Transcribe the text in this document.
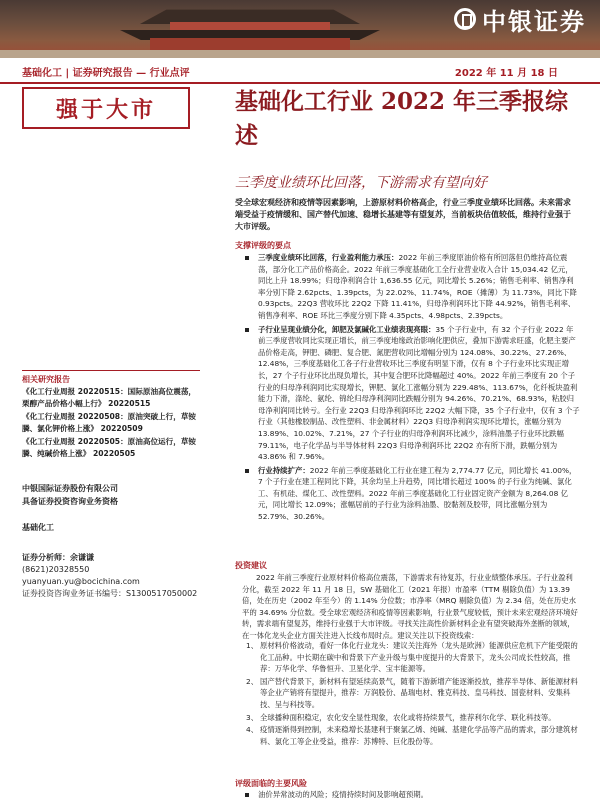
中银证券
基础化工 | 证券研究报告 — 行业点评	2022 年 11 月 18 日
强于大市	基础化工行业 2022 年三季报综述
三季度业绩环比回落，下游需求有望向好
受全球宏观经济和疫情等因素影响，上游原材料价格高企，行业三季度业绩环比回落。未来需求端受益于疫情缓和、国产替代加速、稳增长基建等有望复苏，当前板块估值较低，维持行业强于大市评级。
支撑评级的要点
三季度业绩环比回落，行业盈利能力承压：2022 年前三季度原油价格有所回落但仍维持高位震荡，部分化工产品价格高企。2022 年前三季度基础化工全行业营业收入合计 15,034.42 亿元，同比上升 18.99%；归母净利润合计 1,636.55 亿元，同比增长 5.26%；销售毛利率、销售净利率分别下降 2.62pcts、1.39pcts，为 22.02%、11.74%，ROE（摊薄）为 11.73%，同比下降 0.93pcts。22Q3 营收环比 22Q2 下降 11.41%，归母净利润环比下降 44.92%，销售毛利率、销售净利率、ROE 环比三季度分别下降 4.35pcts、4.98pcts、2.39pcts。
子行业呈现业绩分化，卸肥及氯碱化工业绩表现亮眼：35 个子行业中，有 32 个子行业 2022 年前三季度营收同比实现正增长，前三季度地缘政治影响化肥供应，叠加下游需求旺盛，化肥主要产品价格走高，钾肥、磷肥、复合肥、氮肥营收同比增幅分别为 124.08%、30.22%、27.26%、12.48%，三季度基础化工各子行业营收环比三季度有明显下滑，仅有 8 个子行业环比实现正增长，27 个子行业环比出现负增长，其中复合肥环比降幅超过 40%。2022 年前三季度有 20 个子行业的归母净利润同比实现增长，钾肥、氯化工涨幅分别为 229.48%、113.67%，化纤板块盈利能力下滑，涤纶、氨纶、锦纶归母净利润同比跌幅分别为 94.26%、70.21%、68.93%，粘胶归母净利润同比转亏。全行业 22Q3 归母净利润环比 22Q2 大幅下降，35 个子行业中，仅有 3 个子行业（其他橡胶制品、改性塑料、非金属材料）22Q3 归母净利润实现环比增长，涨幅分别为 13.89%、10.02%、7.21%，27 个子行业的归母净利润环比减少，涂料油墨子行业环比跌幅 79.11%，电子化学品与半导体材料 22Q3 归母净利润环比 22Q2 亦有所下滑，跌幅分别为 43.86% 和 7.96%。
行业持续扩产：2022 年前三季度基础化工行业在建工程为 2,774.77 亿元，同比增长 41.00%，7 个子行业在建工程同比下降，其余均呈上升趋势，同比增长超过 100% 的子行业为纯碱、氯化工、有机硅、煤化工、改性塑料。2022 年前三季度基础化工行业固定资产金额为 8,264.08 亿元，同比增长 12.09%；涨幅居前的子行业为涂料油墨、胶黏剂及胶带，同比涨幅分别为 52.79%、30.26%。
投资建议
2022 年前三季度行业原材料价格高位震荡，下游需求有待复苏，行业业绩整体承压。子行业盈利分化，截至 2022 年 11 月 18 日，SW 基础化工（2021 年报）市盈率（TTM 剔除负值）为 13.39 倍，处在历史（2002 年至今）的 1.14% 分位数；市净率（MRQ 剔除负值）为 2.34 倍，处在历史水平的 34.69% 分位数。受全球宏观经济和疫情等因素影响，行业景气度较低，预计未来宏观经济环境好转，需求端有望复苏，维持行业强于大市评级。寻找关注高性价新材料企业有望突破海外垄断的领域，在一体化龙头企业方面关注进入长线布局时点。建议关注以下投资线索：
1、 原材料价格波动，看好一体化行业龙头：建议关注海外（龙头是欧洲）能源供应危机下产能受限的化工品种。中长期在碳中和背景下产业升级与集中度提升的大背景下，龙头公司成长性较高，推荐：万华化学、华鲁恒升、卫星化学、宝丰能源等。
2、 国产替代背景下，新材料有望延续高景气，随着下游新增产能逐渐投放，推荐半导体、新能源材料等企业产销将有望提升，推荐：万润股份、晶瑞电材、雅克科技、皇马科技、国瓷材料、安集科技、呈与科技等。
3、 全球播种面积稳定，农化安全显性现象，农化或将持续景气，推荐利尔化学、联化科技等。
4、 疫情逐渐得到控制，未来稳增长基建利于聚氯乙烯、纯碱、基建化学品等产品的需求，部分建筑材料、氯化工等企业受益，推荐：苏博特、巨化股份等。
评级面临的主要风险
油价异常波动的风险；疫情持续时间及影响超预期。
相关研究报告
《化工行业周报 20220515：国际原油高位震荡，栗醇产品价格小幅上行》 20220515
《化工行业周报 20220508：原油突破上行，草铵膦、氯化钾价格上涨》 20220509
《化工行业周报 20220505：原油高位运行，草铵膦、纯碱价格上涨》 20220505
中银国际证券股份有限公司
具备证券投资咨询业务资格
基础化工
证券分析师：余谦谦
(8621)20328550
yuanyuan.yu@bocichina.com
证券投资咨询业务证书编号：S1300517050002
